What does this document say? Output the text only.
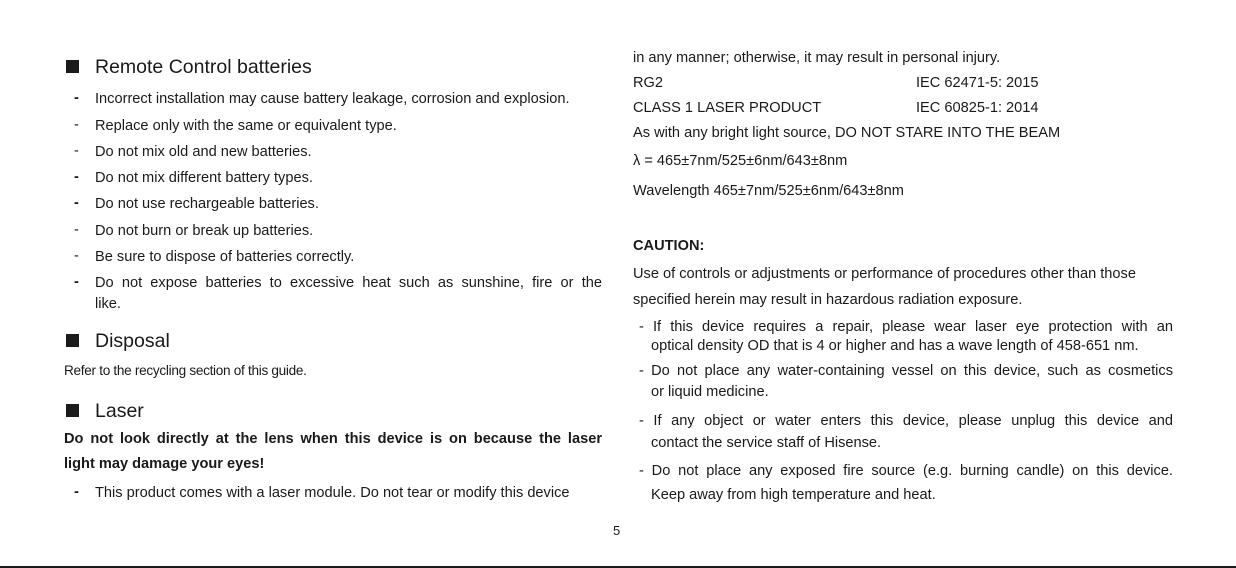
Remote Control batteries
- Incorrect installation may cause battery leakage, corrosion and explosion.
- Replace only with the same or equivalent type.
- Do not mix old and new batteries.
- Do not mix different battery types.
- Do not use rechargeable batteries.
- Do not burn or break up batteries.
- Be sure to dispose of batteries correctly.
- Do not expose batteries to excessive heat such as sunshine, fire or the
like.
Disposal
Refer to the recycling section of this guide.
Laser
Do not look directly at the lens when this device is on because the laser
light may damage your eyes!
- This product comes with a laser module. Do not tear or modify this device
in any manner; otherwise, it may result in personal injury.
RG2	IEC 62471-5: 2015
CLASS 1 LASER PRODUCT	IEC 60825-1: 2014
As with any bright light source, DO NOT STARE INTO THE BEAM
λ = 465±7nm/525±6nm/643±8nm
Wavelength 465±7nm/525±6nm/643±8nm
CAUTION:
Use of controls or adjustments or performance of procedures other than those
specified herein may result in hazardous radiation exposure.
- If this device requires a repair, please wear laser eye protection with an
optical density OD that is 4 or higher and has a wave length of 458-651 nm.
- Do not place any water-containing vessel on this device, such as cosmetics
or liquid medicine.
- If any object or water enters this device, please unplug this device and
contact the service staff of Hisense.
- Do not place any exposed fire source (e.g. burning candle) on this device.
Keep away from high temperature and heat.
5
